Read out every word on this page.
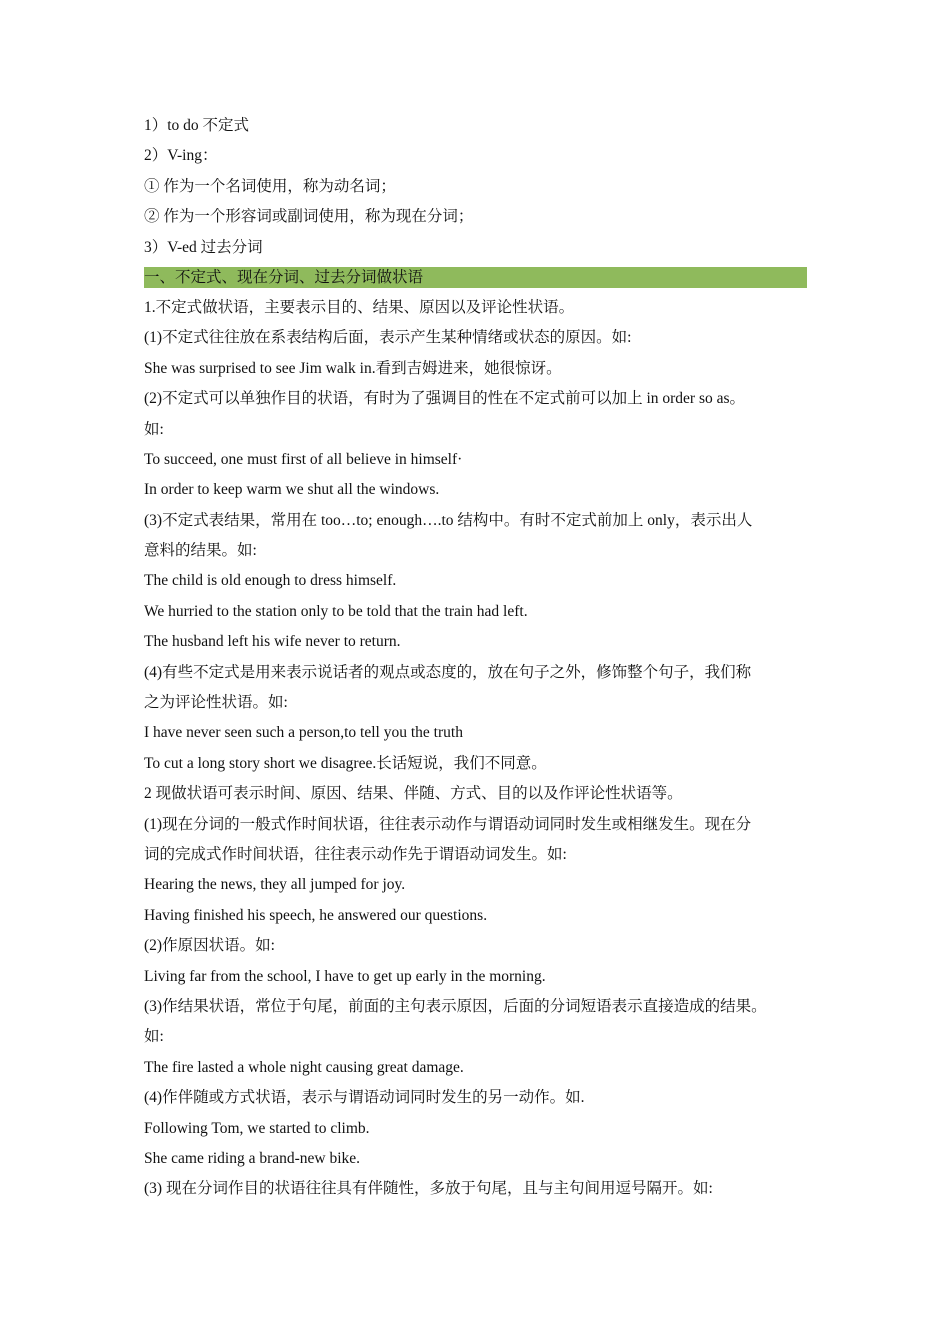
1）to do 不定式
2）V-ing：
① 作为一个名词使用，称为动名词；
② 作为一个形容词或副词使用，称为现在分词；
3）V-ed 过去分词
一、不定式、现在分词、过去分词做状语
1.不定式做状语，主要表示目的、结果、原因以及评论性状语。
(1)不定式往往放在系表结构后面，表示产生某种情绪或状态的原因。如:
She was surprised to see Jim walk in.看到吉姆进来，她很惊讶。
(2)不定式可以单独作目的状语，有时为了强调目的性在不定式前可以加上 in order so as。
如:
To succeed, one must first of all believe in himself·
In order to keep warm we shut all the windows.
(3)不定式表结果，常用在 too…to; enough….to 结构中。有时不定式前加上 only，表示出人
意料的结果。如:
The child is old enough to dress himself.
We hurried to the station only to be told that the train had left.
The husband left his wife never to return.
(4)有些不定式是用来表示说话者的观点或态度的，放在句子之外，修饰整个句子，我们称
之为评论性状语。如:
I have never seen such a person,to tell you the truth
To cut a long story short we disagree.长话短说，我们不同意。
2 现做状语可表示时间、原因、结果、伴随、方式、目的以及作评论性状语等。
(1)现在分词的一般式作时间状语，往往表示动作与谓语动词同时发生或相继发生。现在分
词的完成式作时间状语，往往表示动作先于谓语动词发生。如:
Hearing the news, they all jumped for joy.
Having finished his speech, he answered our questions.
(2)作原因状语。如:
Living far from the school, I have to get up early in the morning.
(3)作结果状语，常位于句尾，前面的主句表示原因，后面的分词短语表示直接造成的结果。
如:
The fire lasted a whole night causing great damage.
(4)作伴随或方式状语，表示与谓语动词同时发生的另一动作。如.
Following Tom, we started to climb.
She came riding a brand-new bike.
(3) 现在分词作目的状语往往具有伴随性，多放于句尾，且与主句间用逗号隔开。如:
